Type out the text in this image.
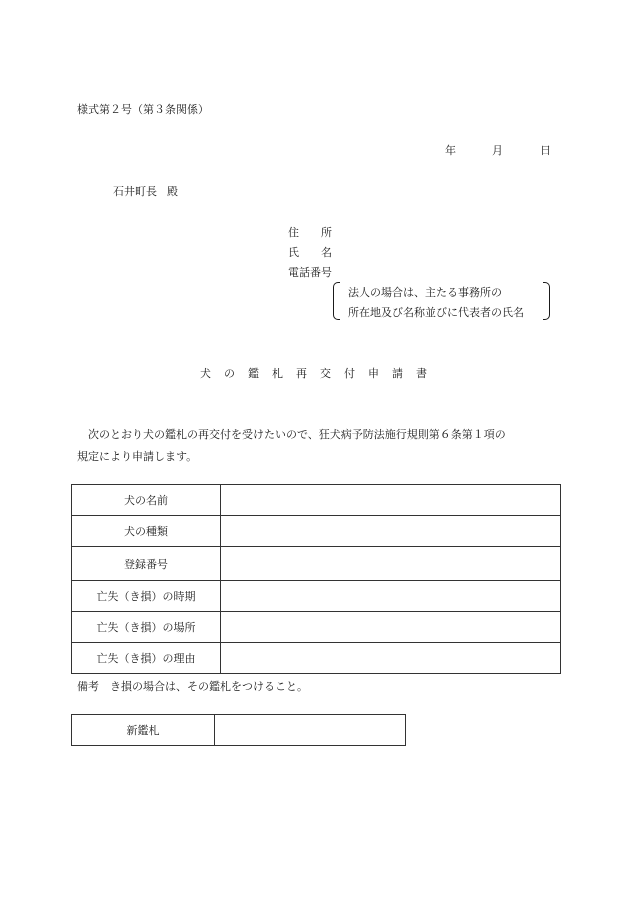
様式第２号（第３条関係）
年	月	日
石井町長 殿
住　　所
氏　　名
電話番号
法人の場合は、主たる事務所の
所在地及び名称並びに代表者の氏名
犬の鑑札再交付申請書

　次のとおり犬の鑑札の再交付を受けたいので、狂犬病予防法施行規則第６条第１項の

規定により申請します。

犬の名前	
犬の種類	
登録番号	
亡失（き損）の時期	
亡失（き損）の場所	
亡失（き損）の理由	
備考　き損の場合は、その鑑札をつけること。
新鑑札	
